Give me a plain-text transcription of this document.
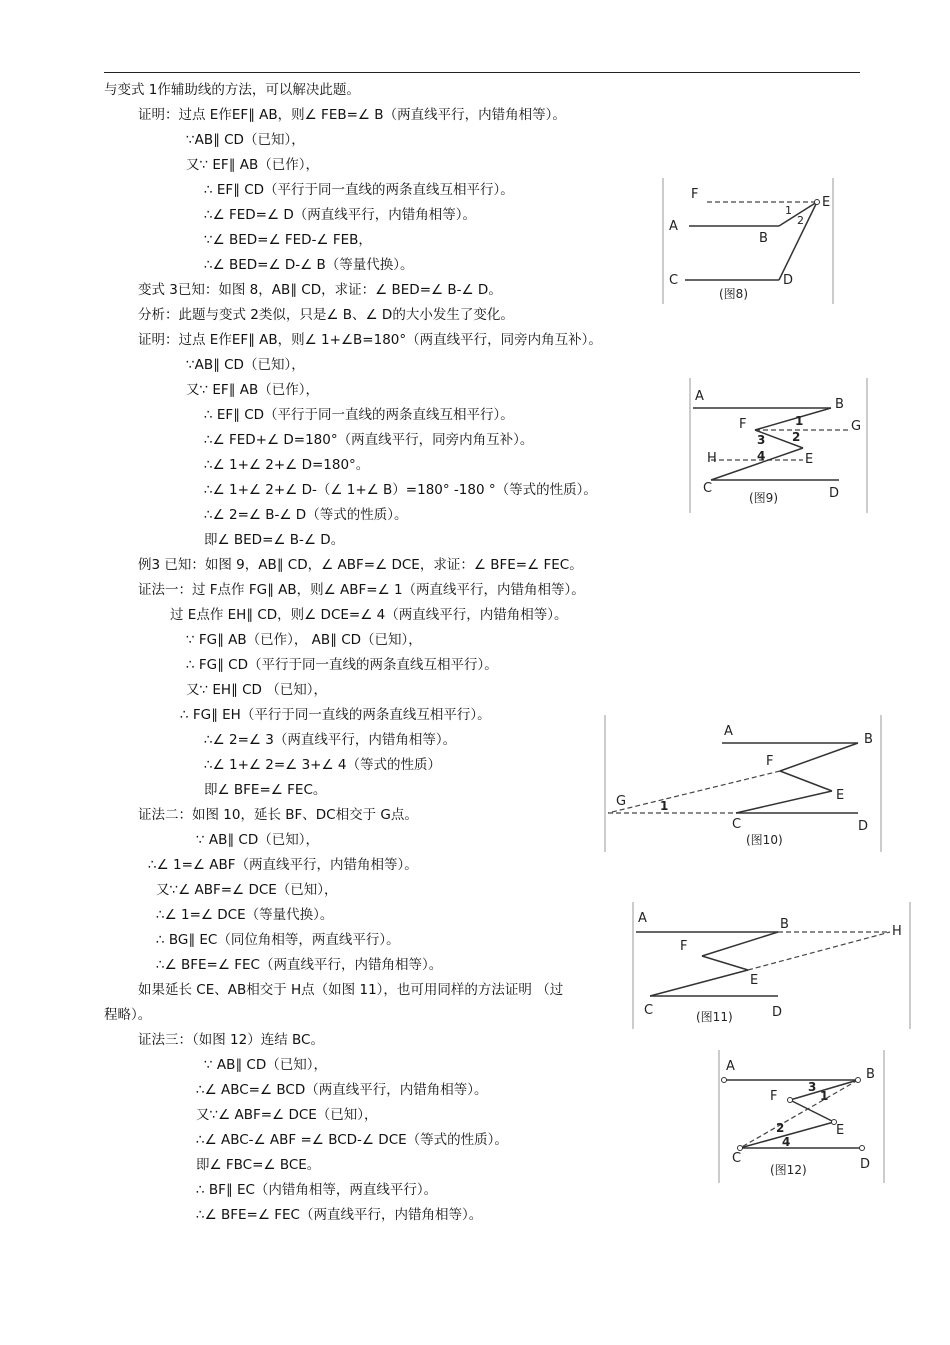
与变式 1作辅助线的方法，可以解决此题。
证明：过点 E作EF∥ AB，则∠ FEB=∠ B（两直线平行，内错角相等）。
∵AB∥ CD（已知），
又∵ EF∥ AB（已作），
∴ EF∥ CD（平行于同一直线的两条直线互相平行）。
∴∠ FED=∠ D（两直线平行，内错角相等）。
∵∠ BED=∠ FED-∠ FEB，
∴∠ BED=∠ D-∠ B（等量代换）。
变式 3已知：如图 8，AB∥ CD，求证：∠ BED=∠ B-∠ D。
分析：此题与变式 2类似，只是∠ B、∠ D的大小发生了变化。
证明：过点 E作EF∥ AB，则∠ 1+∠B=180°（两直线平行，同旁内角互补）。
∵AB∥ CD（已知），
又∵ EF∥ AB（已作），
∴ EF∥ CD（平行于同一直线的两条直线互相平行）。
∴∠ FED+∠ D=180°（两直线平行，同旁内角互补）。
∴∠ 1+∠ 2+∠ D=180°。
∴∠ 1+∠ 2+∠ D-（∠ 1+∠ B）=180° -180 °（等式的性质）。
∴∠ 2=∠ B-∠ D（等式的性质）。
即∠ BED=∠ B-∠ D。
例3 已知：如图 9，AB∥ CD，∠ ABF=∠ DCE，求证：∠ BFE=∠ FEC。
证法一：过 F点作 FG∥ AB，则∠ ABF=∠ 1（两直线平行，内错角相等）。
过 E点作 EH∥ CD，则∠ DCE=∠ 4（两直线平行，内错角相等）。
∵ FG∥ AB（已作）， AB∥ CD（已知），
∴ FG∥ CD（平行于同一直线的两条直线互相平行）。
又∵ EH∥ CD （已知），
∴ FG∥ EH（平行于同一直线的两条直线互相平行）。
∴∠ 2=∠ 3（两直线平行，内错角相等）。
∴∠ 1+∠ 2=∠ 3+∠ 4（等式的性质）
即∠ BFE=∠ FEC。
证法二：如图 10，延长 BF、DC相交于 G点。
∵ AB∥ CD（已知），
∴∠ 1=∠ ABF（两直线平行，内错角相等）。
又∵∠ ABF=∠ DCE（已知），
∴∠ 1=∠ DCE（等量代换）。
∴ BG∥ EC（同位角相等，两直线平行）。
∴∠ BFE=∠ FEC（两直线平行，内错角相等）。
如果延长 CE、AB相交于 H点（如图 11），也可用同样的方法证明 （过
程略）。
证法三：（如图 12）连结 BC。
∵ AB∥ CD（已知），
∴∠ ABC=∠ BCD（两直线平行，内错角相等）。
又∵∠ ABF=∠ DCE（已知），
∴∠ ABC-∠ ABF =∠ BCD-∠ DCE（等式的性质）。
即∠ FBC=∠ BCE。
∴ BF∥ EC（内错角相等，两直线平行）。
∴∠ BFE=∠ FEC（两直线平行，内错角相等）。
F
E
A
B
C	D
1
2
(图8)
A
B
F	G
H	E
C	D
1
2
3
4
(图9)
A
B
F
E
G
C	D
1
(图10)
A	B	H
F
E
C	D
(图11)
A
B
F
E
C	D
1
2
3
4
(图12)
